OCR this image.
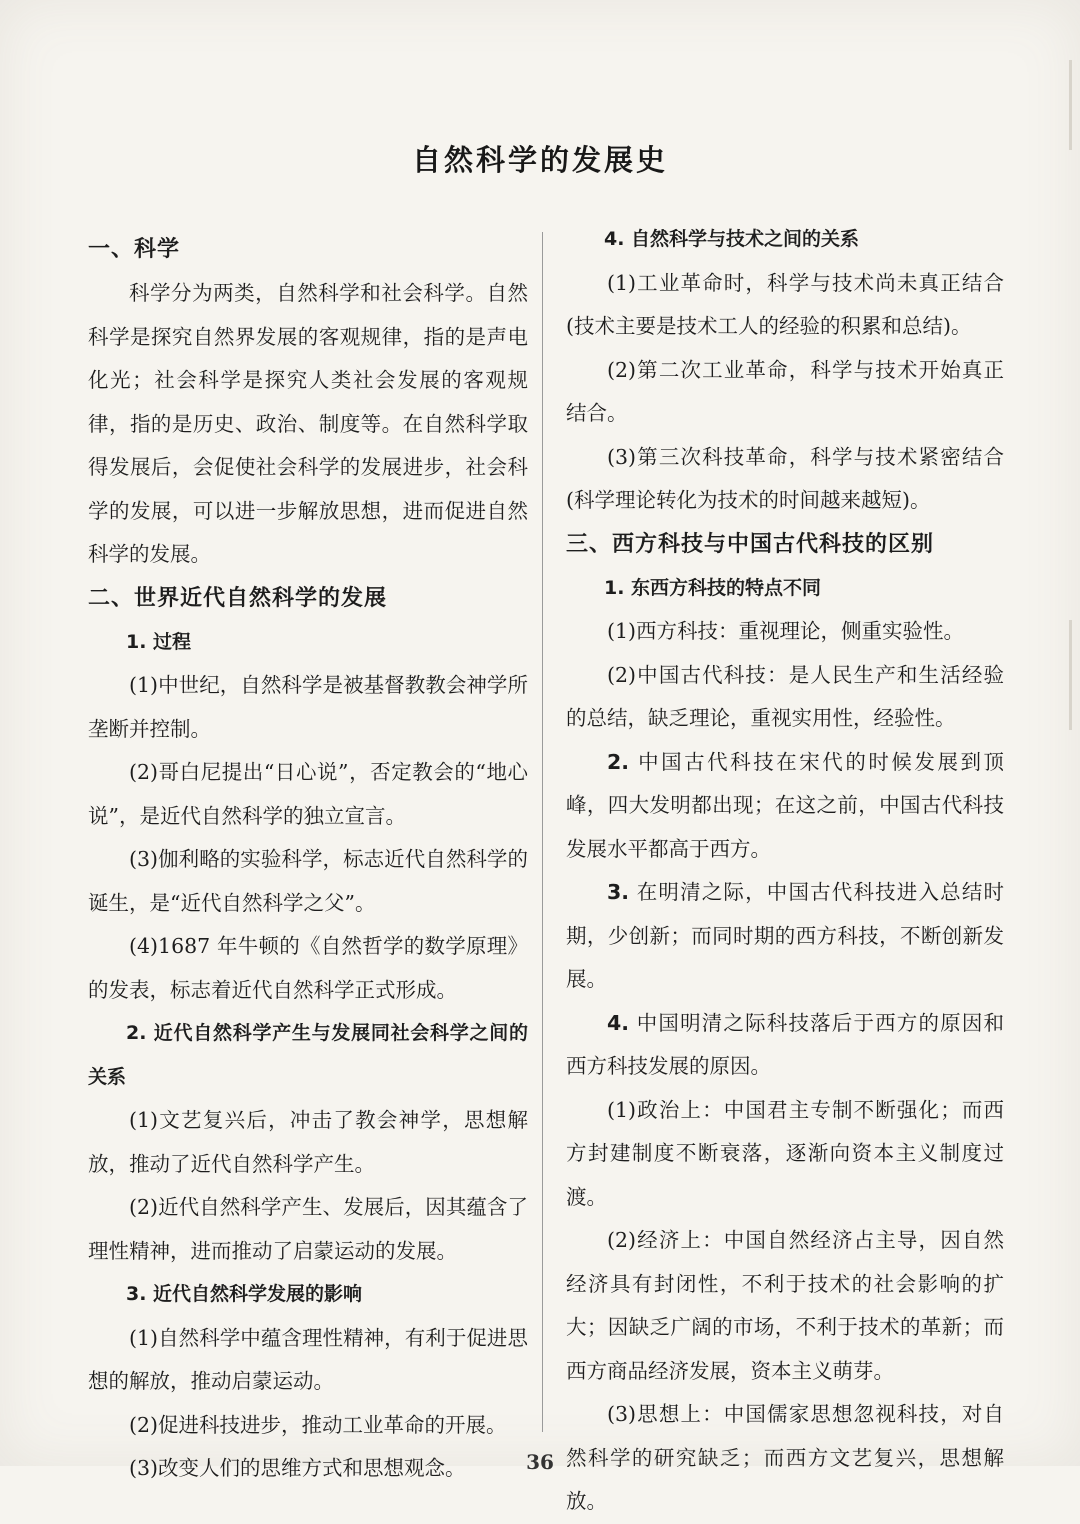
自然科学的发展史

一、科学

科学分为两类，自然科学和社会科学。自然科学是探究自然界发展的客观规律，指的是声电化光；社会科学是探究人类社会发展的客观规律，指的是历史、政治、制度等。在自然科学取得发展后，会促使社会科学的发展进步，社会科学的发展，可以进一步解放思想，进而促进自然科学的发展。

二、世界近代自然科学的发展

1. 过程

(1)中世纪，自然科学是被基督教教会神学所垄断并控制。

(2)哥白尼提出“日心说”，否定教会的“地心说”，是近代自然科学的独立宣言。

(3)伽利略的实验科学，标志近代自然科学的诞生，是“近代自然科学之父”。

(4)1687 年牛顿的《自然哲学的数学原理》的发表，标志着近代自然科学正式形成。

2. 近代自然科学产生与发展同社会科学之间的关系

(1)文艺复兴后，冲击了教会神学，思想解放，推动了近代自然科学产生。

(2)近代自然科学产生、发展后，因其蕴含了理性精神，进而推动了启蒙运动的发展。

3. 近代自然科学发展的影响

(1)自然科学中蕴含理性精神，有利于促进思想的解放，推动启蒙运动。

(2)促进科技进步，推动工业革命的开展。

(3)改变人们的思维方式和思想观念。

4. 自然科学与技术之间的关系

(1)工业革命时，科学与技术尚未真正结合(技术主要是技术工人的经验的积累和总结)。

(2)第二次工业革命，科学与技术开始真正结合。

(3)第三次科技革命，科学与技术紧密结合(科学理论转化为技术的时间越来越短)。

三、西方科技与中国古代科技的区别

1. 东西方科技的特点不同

(1)西方科技：重视理论，侧重实验性。

(2)中国古代科技：是人民生产和生活经验的总结，缺乏理论，重视实用性，经验性。

2. 中国古代科技在宋代的时候发展到顶峰，四大发明都出现；在这之前，中国古代科技发展水平都高于西方。

3. 在明清之际，中国古代科技进入总结时期，少创新；而同时期的西方科技，不断创新发展。

4. 中国明清之际科技落后于西方的原因和西方科技发展的原因。

(1)政治上：中国君主专制不断强化；而西方封建制度不断衰落，逐渐向资本主义制度过渡。

(2)经济上：中国自然经济占主导，因自然经济具有封闭性，不利于技术的社会影响的扩大；因缺乏广阔的市场，不利于技术的革新；而西方商品经济发展，资本主义萌芽。

(3)思想上：中国儒家思想忽视科技，对自然科学的研究缺乏；而西方文艺复兴，思想解放。

36
